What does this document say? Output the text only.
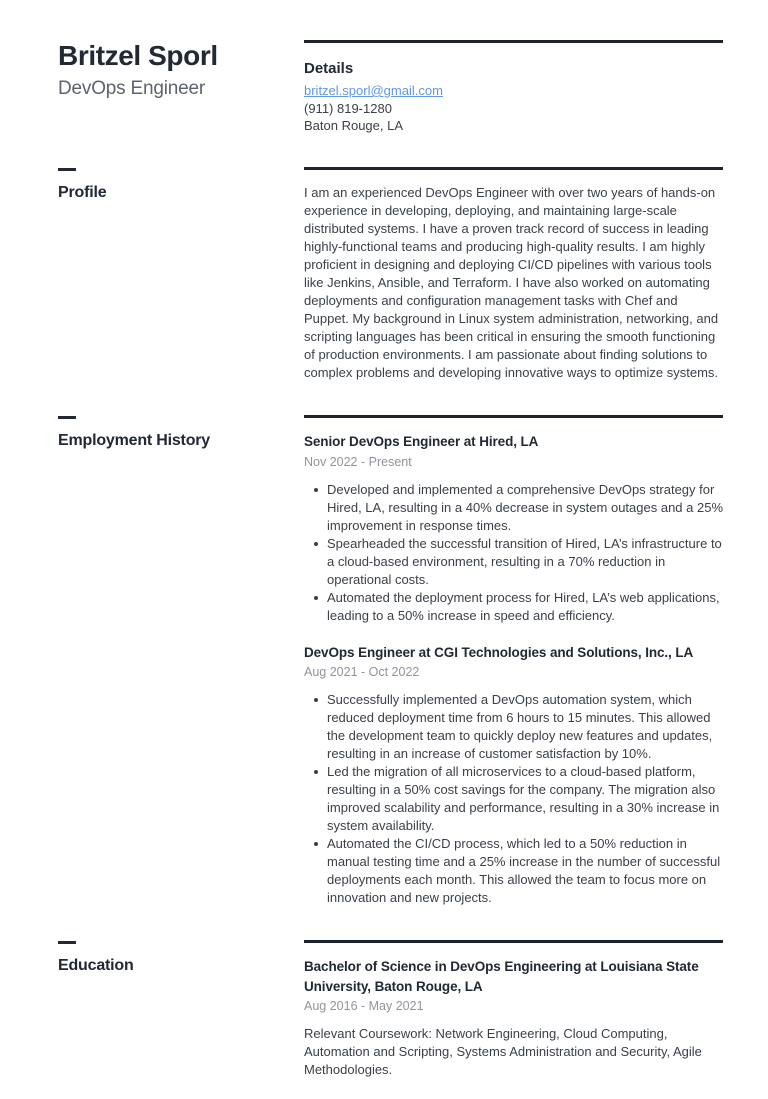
Britzel Sporl
DevOps Engineer
Details
britzel.sporl@gmail.com
(911) 819-1280
Baton Rouge, LA
Profile	I am an experienced DevOps Engineer with over two years of hands-on experience in developing, deploying, and maintaining large-scale distributed systems. I have a proven track record of success in leading highly-functional teams and producing high-quality results. I am highly proficient in designing and deploying CI/CD pipelines with various tools like Jenkins, Ansible, and Terraform. I have also worked on automating deployments and configuration management tasks with Chef and Puppet. My background in Linux system administration, networking, and scripting languages has been critical in ensuring the smooth functioning of production environments. I am passionate about finding solutions to complex problems and developing innovative ways to optimize systems.

Employment History	Senior DevOps Engineer at Hired, LA
Nov 2022 - Present
Developed and implemented a comprehensive DevOps strategy for Hired, LA, resulting in a 40% decrease in system outages and a 25% improvement in response times.
Spearheaded the successful transition of Hired, LA’s infrastructure to a cloud-based environment, resulting in a 70% reduction in operational costs.
Automated the deployment process for Hired, LA’s web applications, leading to a 50% increase in speed and efficiency.
DevOps Engineer at CGI Technologies and Solutions, Inc., LA
Aug 2021 - Oct 2022
Successfully implemented a DevOps automation system, which reduced deployment time from 6 hours to 15 minutes. This allowed the development team to quickly deploy new features and updates, resulting in an increase of customer satisfaction by 10%.
Led the migration of all microservices to a cloud-based platform, resulting in a 50% cost savings for the company. The migration also improved scalability and performance, resulting in a 30% increase in system availability.
Automated the CI/CD process, which led to a 50% reduction in manual testing time and a 25% increase in the number of successful deployments each month. This allowed the team to focus more on innovation and new projects.
Education	Bachelor of Science in DevOps Engineering at Louisiana State University, Baton Rouge, LA
Aug 2016 - May 2021

Relevant Coursework: Network Engineering, Cloud Computing, Automation and Scripting, Systems Administration and Security, Agile Methodologies.
